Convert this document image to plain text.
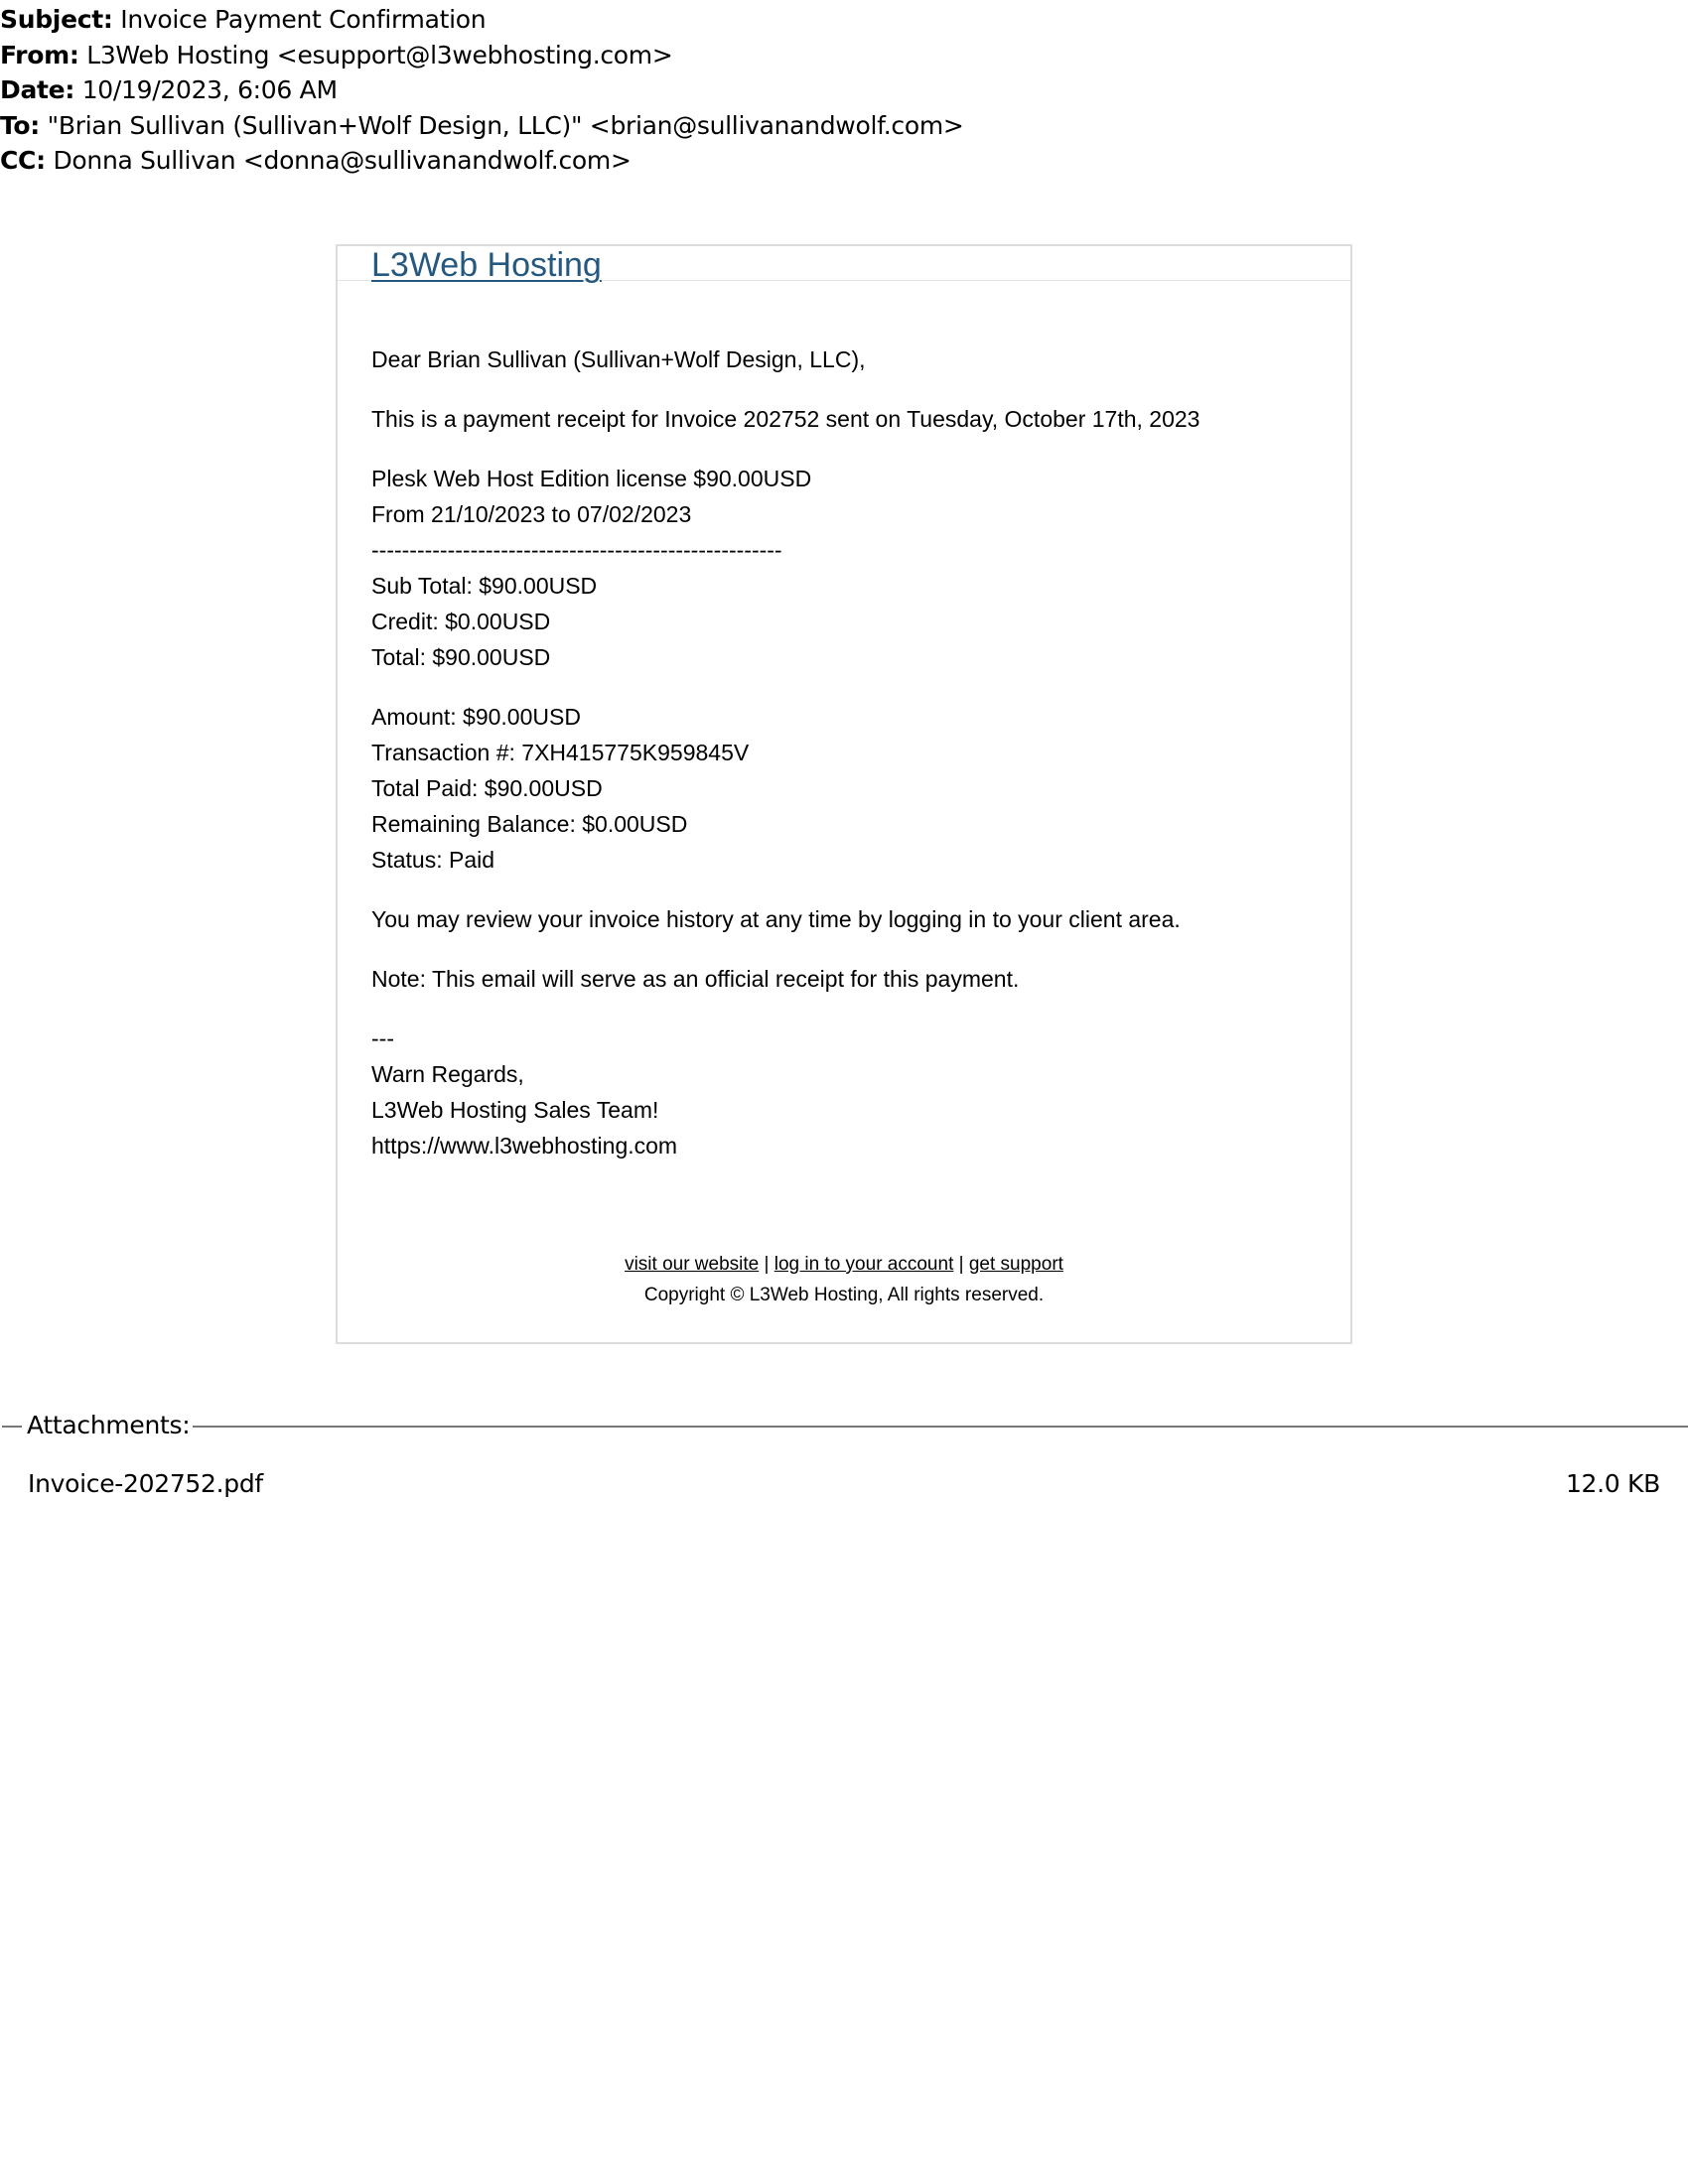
Subject: Invoice Payment Confirmation
From: L3Web Hosting <esupport@l3webhosting.com>
Date: 10/19/2023, 6:06 AM
To: "Brian Sullivan (Sullivan+Wolf Design, LLC)" <brian@sullivanandwolf.com>
CC: Donna Sullivan <donna@sullivanandwolf.com>
L3Web Hosting

Dear Brian Sullivan (Sullivan+Wolf Design, LLC),

This is a payment receipt for Invoice 202752 sent on Tuesday, October 17th, 2023

Plesk Web Host Edition license $90.00USD
From 21/10/2023 to 07/02/2023
------------------------------------------------------
Sub Total: $90.00USD
Credit: $0.00USD
Total: $90.00USD

Amount: $90.00USD
Transaction #: 7XH415775K959845V
Total Paid: $90.00USD
Remaining Balance: $0.00USD
Status: Paid

You may review your invoice history at any time by logging in to your client area.

Note: This email will serve as an official receipt for this payment.

---
Warn Regards,
L3Web Hosting Sales Team!
https://www.l3webhosting.com

visit our website | log in to your account | get support
Copyright © L3Web Hosting, All rights reserved.
Attachments:
Invoice-202752.pdf	12.0 KB
